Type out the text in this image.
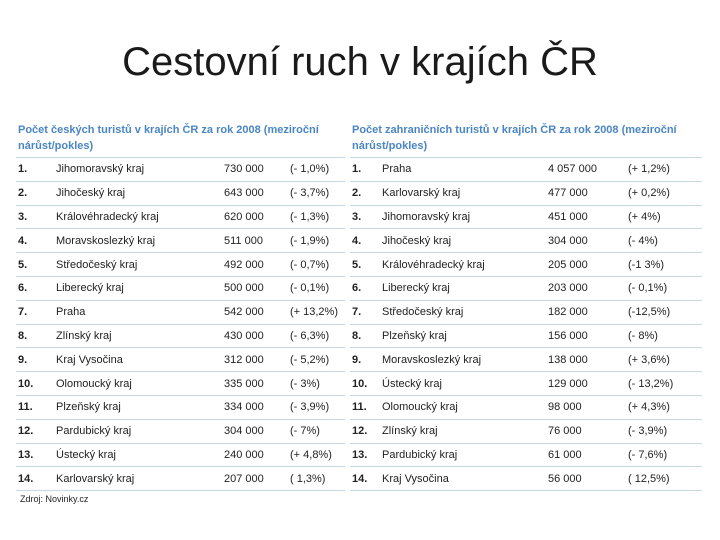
Cestovní ruch v krajích ČR
Počet českých turistů v krajích ČR za rok 2008 (meziroční nárůst/pokles)
1.	Jihomoravský kraj	730 000	(- 1,0%)
2.	Jihočeský kraj	643 000	(- 3,7%)
3.	Královéhradecký kraj	620 000	(- 1,3%)
4.	Moravskoslezký kraj	511 000	(- 1,9%)
5.	Středočeský kraj	492 000	(- 0,7%)
6.	Liberecký kraj	500 000	(- 0,1%)
7.	Praha	542 000	(+ 13,2%)
8.	Zlínský kraj	430 000	(- 6,3%)
9.	Kraj Vysočina	312 000	(- 5,2%)
10.	Olomoucký kraj	335 000	(- 3%)
11.	Plzeňský kraj	334 000	(- 3,9%)
12.	Pardubický kraj	304 000	(- 7%)
13.	Ústecký kraj	240 000	(+ 4,8%)
14.	Karlovarský kraj	207 000	( 1,3%)
Počet zahraničních turistů v krajích ČR za rok 2008 (meziroční nárůst/pokles)
1.	Praha	4 057 000	(+ 1,2%)
2.	Karlovarský kraj	477 000	(+ 0,2%)
3.	Jihomoravský kraj	451 000	(+ 4%)
4.	Jihočeský kraj	304 000	(- 4%)
5.	Královéhradecký kraj	205 000	(-1 3%)
6.	Liberecký kraj	203 000	(- 0,1%)
7.	Středočeský kraj	182 000	(-12,5%)
8.	Plzeňský kraj	156 000	(- 8%)
9.	Moravskoslezký kraj	138 000	(+ 3,6%)
10.	Ústecký kraj	129 000	(- 13,2%)
11.	Olomoucký kraj	98 000	(+ 4,3%)
12.	Zlínský kraj	76 000	(- 3,9%)
13.	Pardubický kraj	61 000	(- 7,6%)
14.	Kraj Vysočina	56 000	( 12,5%)
Zdroj: Novinky.cz
